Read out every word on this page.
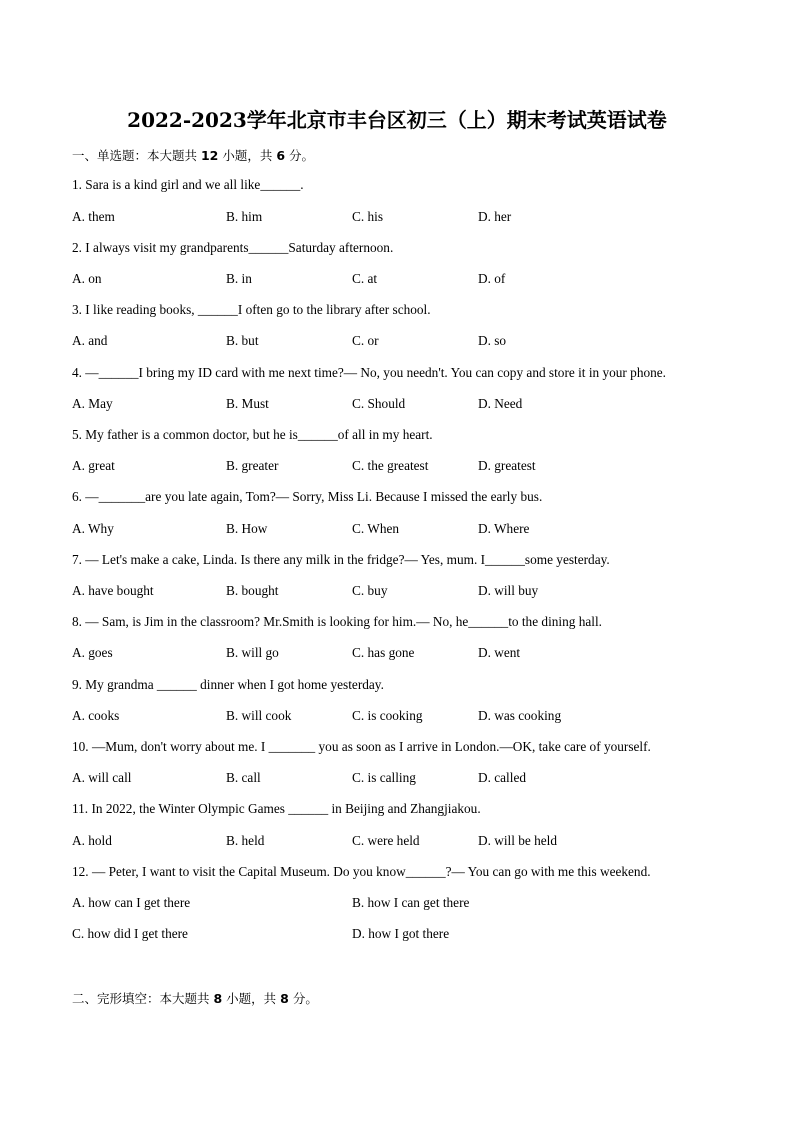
2022-2023学年北京市丰台区初三（上）期末考试英语试卷
一、单选题：本大题共 12 小题，共 6 分。
1. Sara is a kind girl and we all like______.
A. them	B. him	C. his	D. her
2. I always visit my grandparents______Saturday afternoon.
A. on	B. in	C. at	D. of
3. I like reading books, ______I often go to the library after school.
A. and	B. but	C. or	D. so
4. —______I bring my ID card with me next time?— No, you needn't. You can copy and store it in your phone.
A. May	B. Must	C. Should	D. Need
5. My father is a common doctor, but he is______of all in my heart.
A. great	B. greater	C. the greatest	D. greatest
6. —_______are you late again, Tom?— Sorry, Miss Li. Because I missed the early bus.
A. Why	B. How	C. When	D. Where
7. — Let's make a cake, Linda. Is there any milk in the fridge?— Yes, mum. I______some yesterday.
A. have bought	B. bought	C. buy	D. will buy
8. — Sam, is Jim in the classroom? Mr.Smith is looking for him.— No, he______to the dining hall.
A. goes	B. will go	C. has gone	D. went
9. My grandma ______ dinner when I got home yesterday.
A. cooks	B. will cook	C. is cooking	D. was cooking
10. —Mum, don't worry about me. I _______ you as soon as I arrive in London.—OK, take care of yourself.
A. will call	B. call	C. is calling	D. called
11. In 2022, the Winter Olympic Games ______ in Beijing and Zhangjiakou.
A. hold	B. held	C. were held	D. will be held
12. — Peter, I want to visit the Capital Museum. Do you know______?— You can go with me this weekend.
A. how can I get there	B. how I can get there
C. how did I get there	D. how I got there
二、完形填空：本大题共 8 小题，共 8 分。
